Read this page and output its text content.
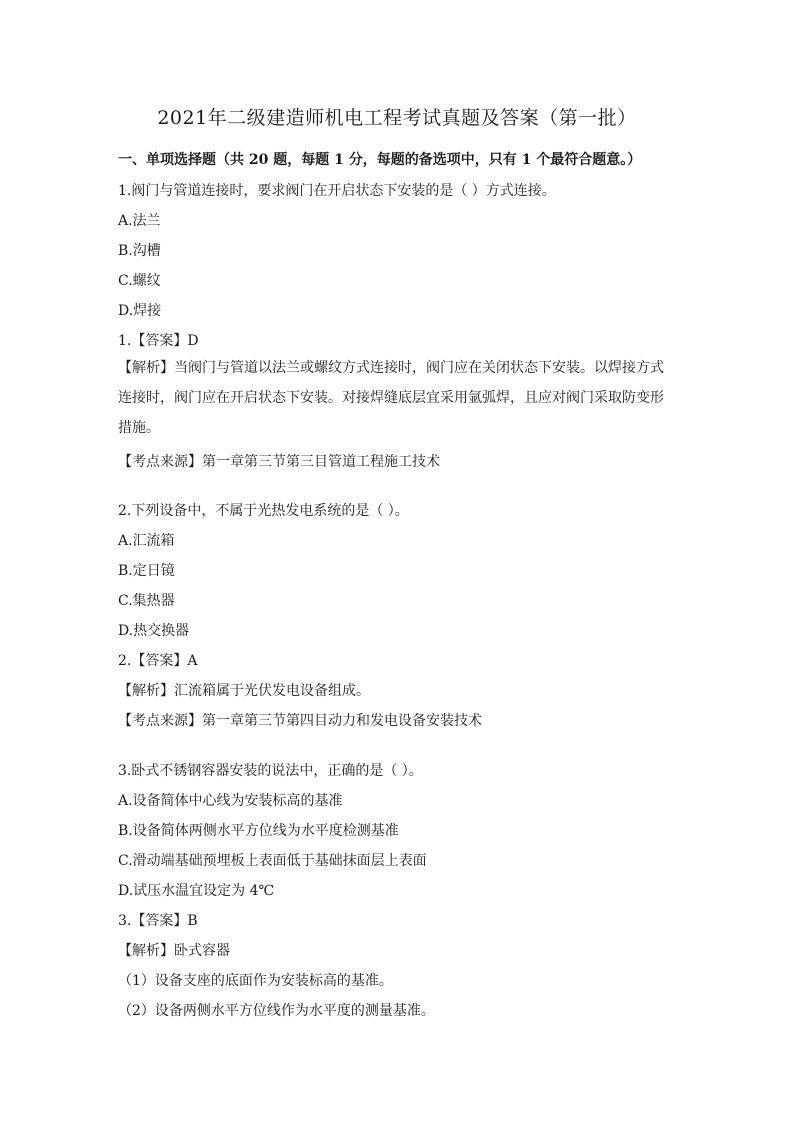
2021年二级建造师机电工程考试真题及答案（第一批）
一、单项选择题（共 20 题，每题 1 分，每题的备选项中，只有 1 个最符合题意。）
1.阀门与管道连接时，要求阀门在开启状态下安装的是（ ）方式连接。
A.法兰
B.沟槽
C.螺纹
D.焊接
1.【答案】D
【解析】当阀门与管道以法兰或螺纹方式连接时，阀门应在关闭状态下安装。以焊接方式连接时，阀门应在开启状态下安装。对接焊缝底层宜采用氩弧焊，且应对阀门采取防变形措施。
【考点来源】第一章第三节第三目管道工程施工技术
2.下列设备中，不属于光热发电系统的是（ ）。
A.汇流箱
B.定日镜
C.集热器
D.热交换器
2.【答案】A
【解析】汇流箱属于光伏发电设备组成。
【考点来源】第一章第三节第四目动力和发电设备安装技术
3.卧式不锈钢容器安装的说法中，正确的是（ ）。
A.设备简体中心线为安装标高的基准
B.设备简体两侧水平方位线为水平度检测基准
C.滑动端基础预埋板上表面低于基础抹面层上表面
D.试压水温宜设定为 4℃
3.【答案】B
【解析】卧式容器
（1）设备支座的底面作为安装标高的基准。
（2）设备两侧水平方位线作为水平度的测量基准。
